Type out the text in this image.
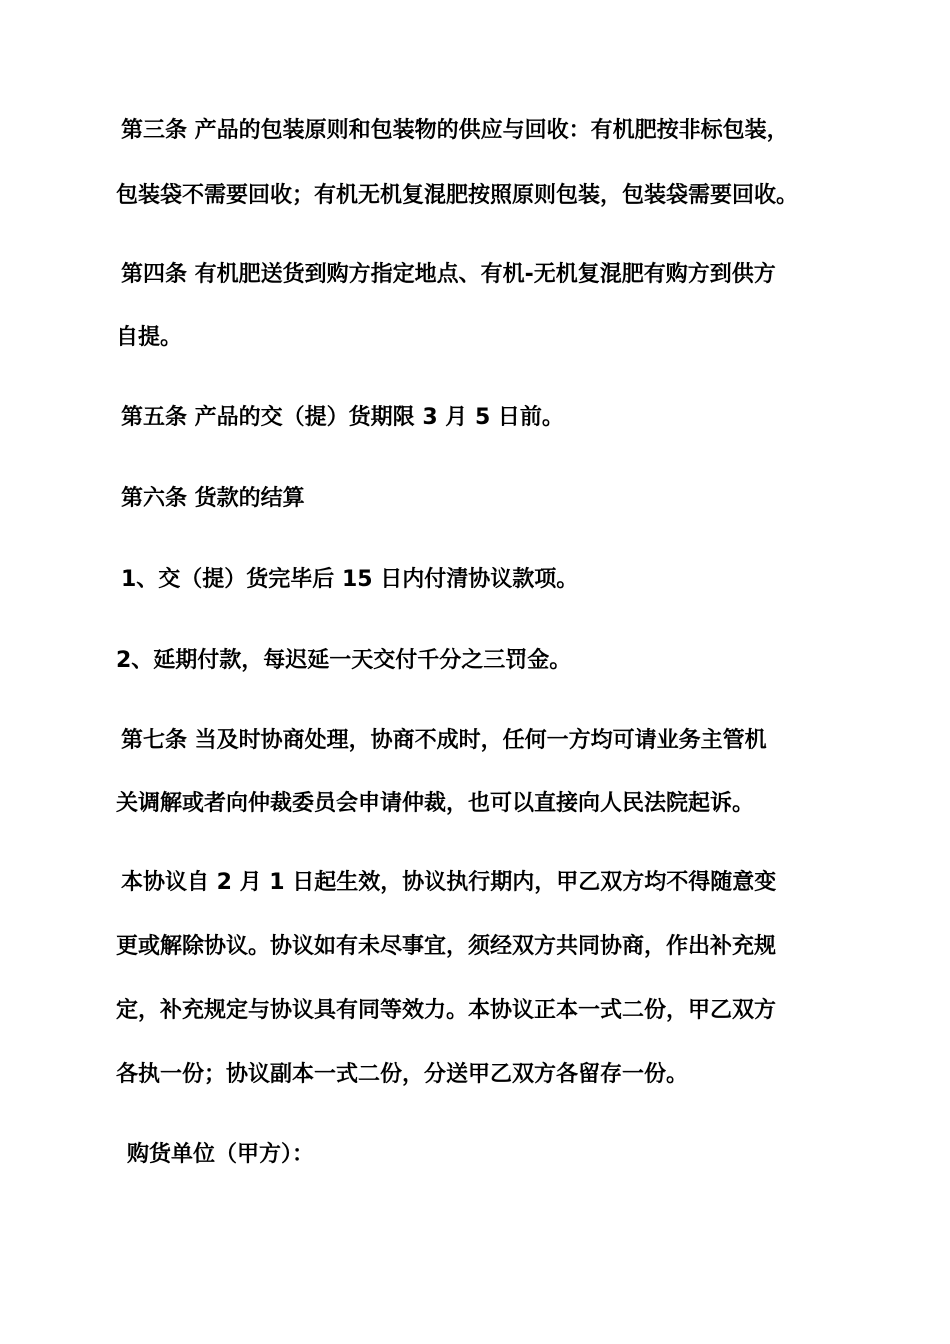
第三条 产品的包装原则和包装物的供应与回收：有机肥按非标包装，
包装袋不需要回收；有机无机复混肥按照原则包装，包装袋需要回收。
第四条 有机肥送货到购方指定地点、有机-无机复混肥有购方到供方
自提。
第五条 产品的交（提）货期限 3 月 5 日前。
第六条 货款的结算
1、交（提）货完毕后 15 日内付清协议款项。
2、延期付款，每迟延一天交付千分之三罚金。
第七条 当及时协商处理，协商不成时，任何一方均可请业务主管机
关调解或者向仲裁委员会申请仲裁，也可以直接向人民法院起诉。
本协议自 2 月 1 日起生效，协议执行期内，甲乙双方均不得随意变
更或解除协议。协议如有未尽事宜，须经双方共同协商，作出补充规
定，补充规定与协议具有同等效力。本协议正本一式二份，甲乙双方
各执一份；协议副本一式二份，分送甲乙双方各留存一份。
购货单位（甲方）：
